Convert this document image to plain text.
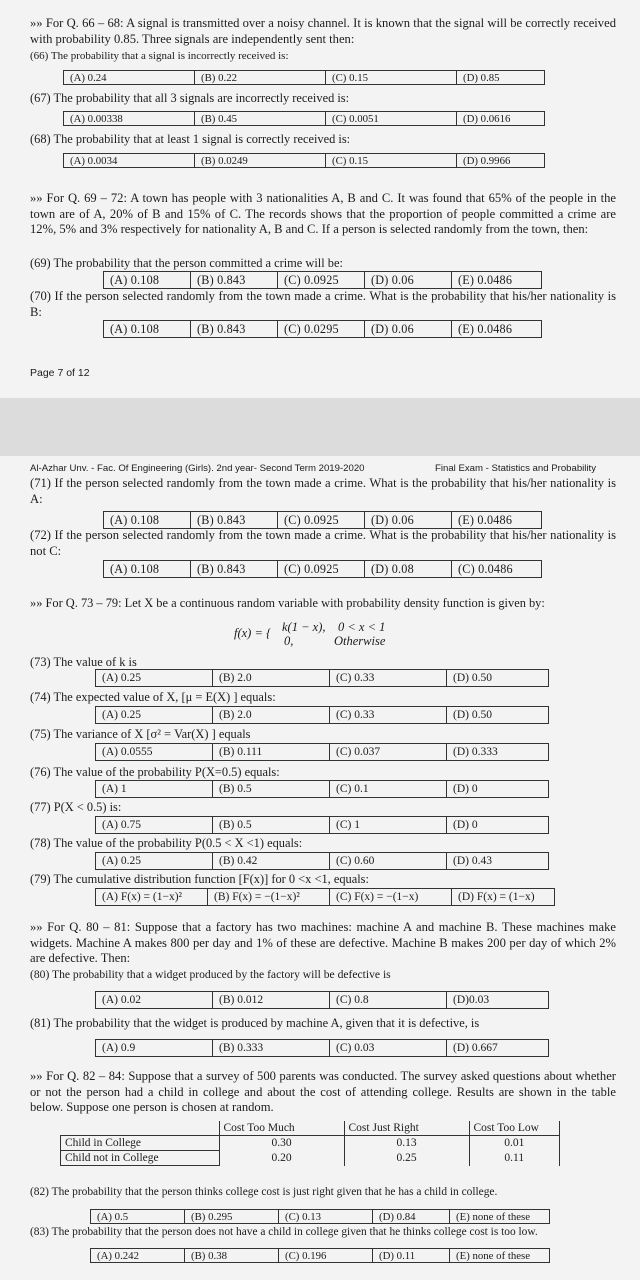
»» For Q. 66 – 68: A signal is transmitted over a noisy channel. It is known that the signal will be correctly received with probability 0.85. Three signals are independently sent then:
(66) The probability that a signal is incorrectly received is:
(A) 0.24	(B) 0.22	(C) 0.15	(D) 0.85
(67) The probability that all 3 signals are incorrectly received is:
(A) 0.00338	(B) 0.45	(C) 0.0051	(D) 0.0616
(68) The probability that at least 1 signal is correctly received is:
(A) 0.0034	(B) 0.0249	(C) 0.15	(D) 0.9966
»» For Q. 69 – 72: A town has people with 3 nationalities A, B and C. It was found that 65% of the people in the town are of A, 20% of B and 15% of C. The records shows that the proportion of people committed a crime are 12%, 5% and 3% respectively for nationality A, B and C. If a person is selected randomly from the town, then:
(69) The probability that the person committed a crime will be:
(A) 0.108	(B) 0.843	(C) 0.0925	(D) 0.06	(E) 0.0486
(70) If the person selected randomly from the town made a crime. What is the probability that his/her nationality is B:
(A) 0.108	(B) 0.843	(C) 0.0295	(D) 0.06	(E) 0.0486
Page 7 of 12
Al-Azhar Unv. - Fac. Of Engineering (Girls). 2nd year- Second Term 2019-2020	Final Exam - Statistics and Probability
(71) If the person selected randomly from the town made a crime. What is the probability that his/her nationality is A:
(A) 0.108	(B) 0.843	(C) 0.0925	(D) 0.06	(E) 0.0486
(72) If the person selected randomly from the town made a crime. What is the probability that his/her nationality is not C:
(A) 0.108	(B) 0.843	(C) 0.0925	(D) 0.08	(C) 0.0486
»» For Q. 73 – 79: Let X be a continuous random variable with probability density function is given by:
f(x) = { k(1 − x),    0 < x < 1
0,             Otherwise
(73) The value of k is
(A) 0.25	(B) 2.0	(C) 0.33	(D) 0.50
(74) The expected value of X, [μ = E(X) ] equals:
(A) 0.25	(B) 2.0	(C) 0.33	(D) 0.50
(75) The variance of X [σ² = Var(X) ] equals
(A) 0.0555	(B) 0.111	(C) 0.037	(D) 0.333
(76) The value of the probability P(X=0.5) equals:
(A) 1	(B) 0.5	(C) 0.1	(D) 0
(77) P(X < 0.5) is:
(A) 0.75	(B) 0.5	(C) 1	(D) 0
(78) The value of the probability P(0.5 < X <1) equals:
(A) 0.25	(B) 0.42	(C) 0.60	(D) 0.43
(79) The cumulative distribution function [F(x)] for 0 <x <1, equals:
(A) F(x) = (1−x)²	(B) F(x) = −(1−x)²	(C) F(x) = −(1−x)	(D) F(x) = (1−x)
»» For Q. 80 – 81: Suppose that a factory has two machines: machine A and machine B. These machines make widgets. Machine A makes 800 per day and 1% of these are defective. Machine B makes 200 per day of which 2% are defective. Then:
(80) The probability that a widget produced by the factory will be defective is
(A) 0.02	(B) 0.012	(C) 0.8	(D)0.03
(81) The probability that the widget is produced by machine A, given that it is defective, is
(A) 0.9	(B) 0.333	(C) 0.03	(D) 0.667
»» For Q. 82 – 84: Suppose that a survey of 500 parents was conducted. The survey asked questions about whether or not the person had a child in college and about the cost of attending college. Results are shown in the table below. Suppose one person is chosen at random.
	Cost Too Much	Cost Just Right	Cost Too Low
Child in College	0.30	0.13	0.01
Child not in College	0.20	0.25	0.11
(82) The probability that the person thinks college cost is just right given that he has a child in college.
(A) 0.5	(B) 0.295	(C) 0.13	(D) 0.84	(E) none of these
(83) The probability that the person does not have a child in college given that he thinks college cost is too low.
(A) 0.242	(B) 0.38	(C) 0.196	(D) 0.11	(E) none of these
